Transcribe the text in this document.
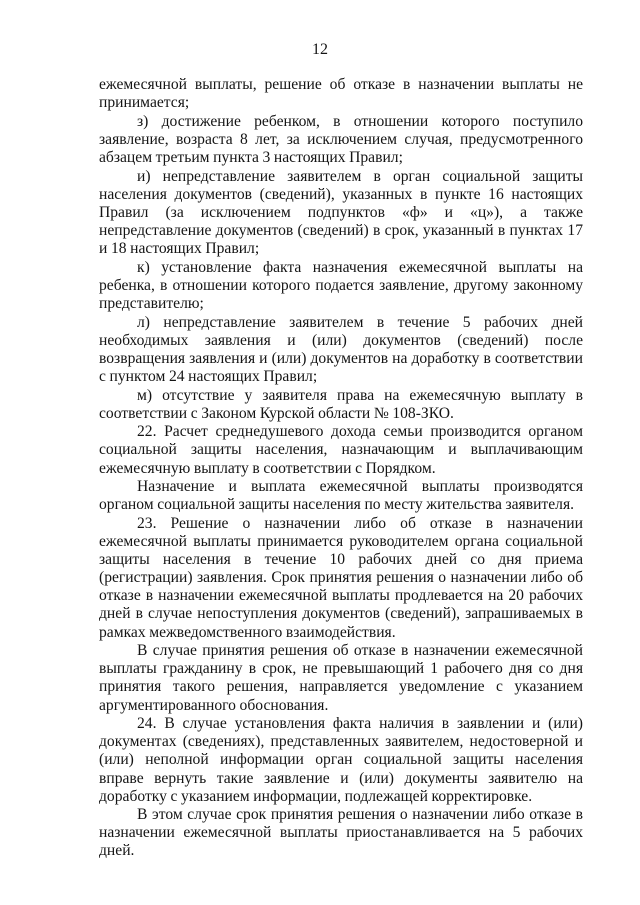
12

ежемесячной выплаты, решение об отказе в назначении выплаты не принимается;

з) достижение ребенком, в отношении которого поступило заявление, возраста 8 лет, за исключением случая, предусмотренного абзацем третьим пункта 3 настоящих Правил;

и) непредставление заявителем в орган социальной защиты населения документов (сведений), указанных в пункте 16 настоящих Правил (за исключением подпунктов «ф» и «ц»), а также непредставление документов (сведений) в срок, указанный в пунктах 17 и 18 настоящих Правил;

к) установление факта назначения ежемесячной выплаты на ребенка, в отношении которого подается заявление, другому законному представителю;

л) непредставление заявителем в течение 5 рабочих дней необходимых заявления и (или) документов (сведений) после возвращения заявления и (или) документов на доработку в соответствии с пунктом 24 настоящих Правил;

м) отсутствие у заявителя права на ежемесячную выплату в соответствии с Законом Курской области № 108-ЗКО.

22. Расчет среднедушевого дохода семьи производится органом социальной защиты населения, назначающим и выплачивающим ежемесячную выплату в соответствии с Порядком.

Назначение и выплата ежемесячной выплаты производятся органом социальной защиты населения по месту жительства заявителя.

23. Решение о назначении либо об отказе в назначении ежемесячной выплаты принимается руководителем органа социальной защиты населения в течение 10 рабочих дней со дня приема (регистрации) заявления. Срок принятия решения о назначении либо об отказе в назначении ежемесячной выплаты продлевается на 20 рабочих дней в случае непоступления документов (сведений), запрашиваемых в рамках межведомственного взаимодействия.

В случае принятия решения об отказе в назначении ежемесячной выплаты гражданину в срок, не превышающий 1 рабочего дня со дня принятия такого решения, направляется уведомление с указанием аргументированного обоснования.

24. В случае установления факта наличия в заявлении и (или) документах (сведениях), представленных заявителем, недостоверной и (или) неполной информации орган социальной защиты населения вправе вернуть такие заявление и (или) документы заявителю на доработку с указанием информации, подлежащей корректировке.

В этом случае срок принятия решения о назначении либо отказе в назначении ежемесячной выплаты приостанавливается на 5 рабочих дней.
